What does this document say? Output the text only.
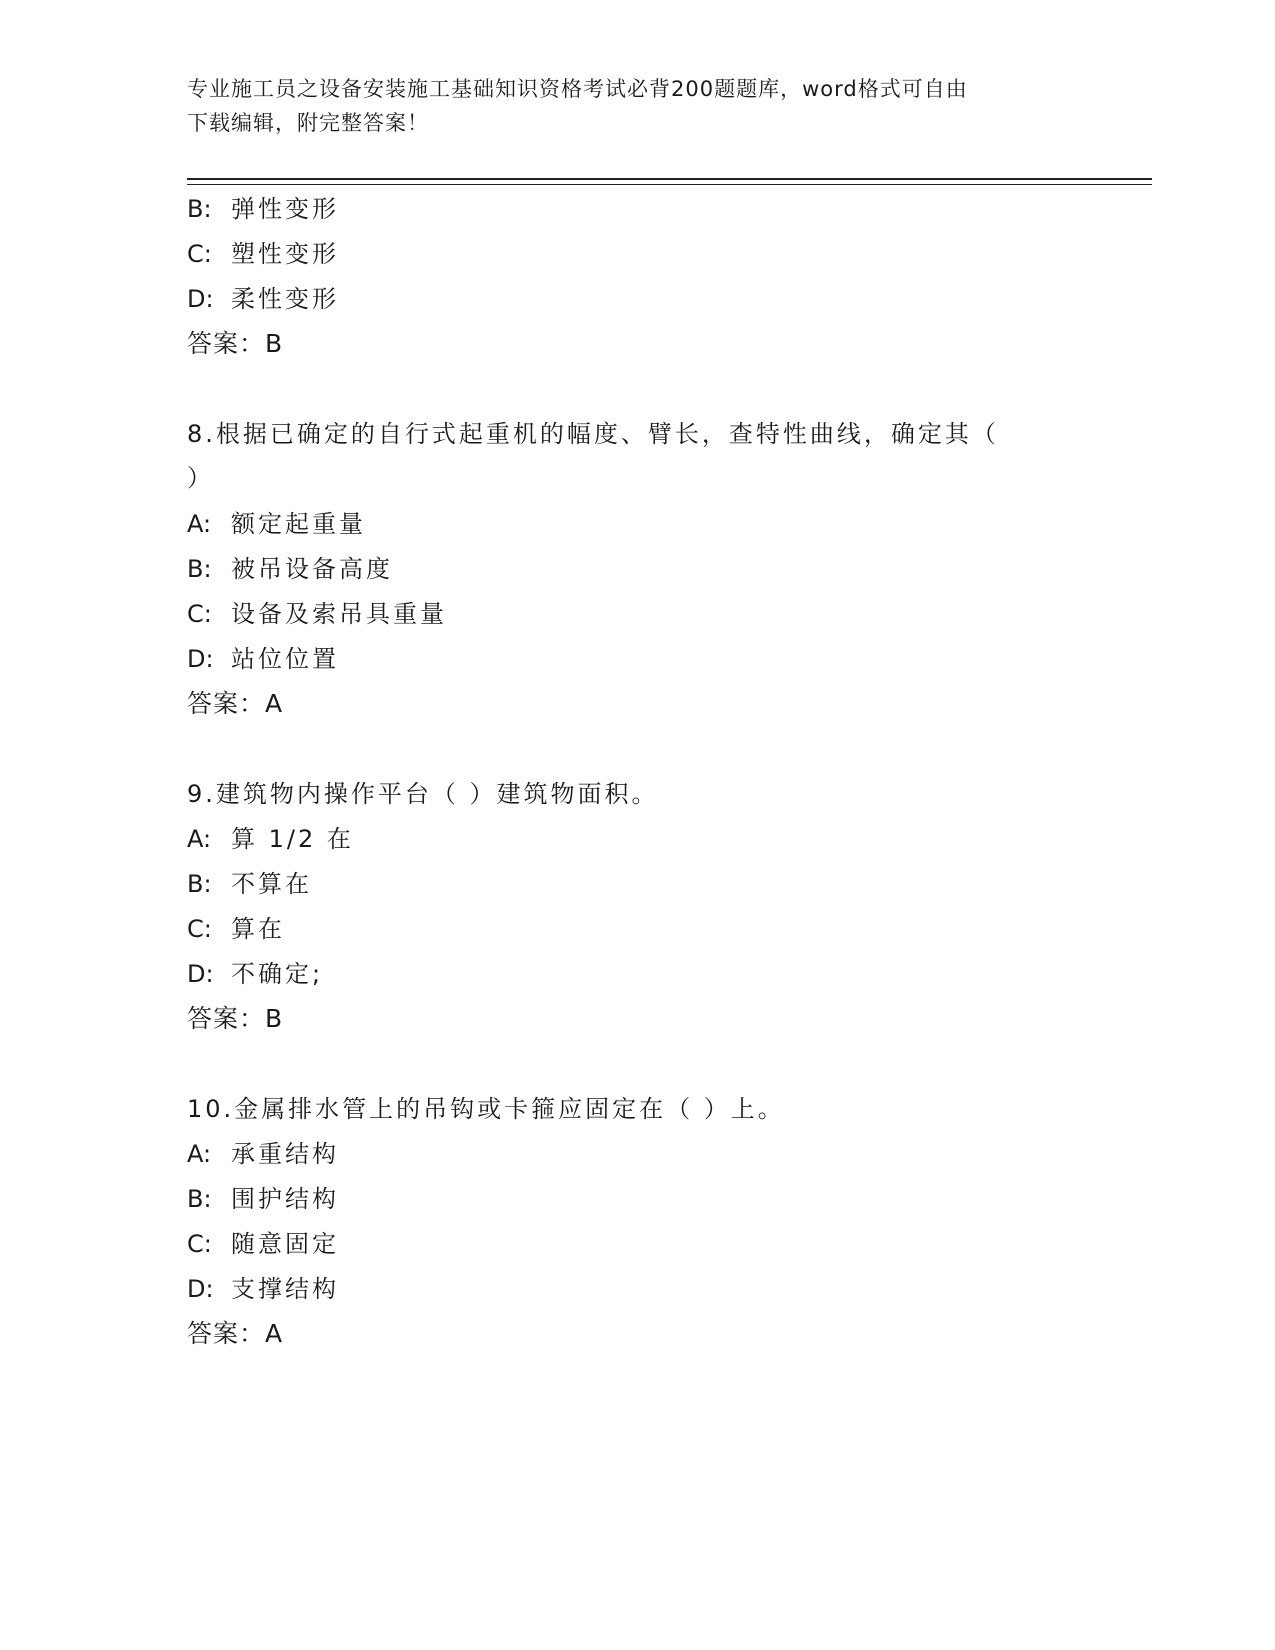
专业施工员之设备安装施工基础知识资格考试必背200题题库，word格式可自由
下载编辑，附完整答案！
B: 弹性变形
C: 塑性变形
D: 柔性变形
答案：B
8.根据已确定的自行式起重机的幅度、臂长，查特性曲线，确定其（
）
A: 额定起重量
B: 被吊设备高度
C: 设备及索吊具重量
D: 站位位置
答案：A
9.建筑物内操作平台（ ）建筑物面积。
A: 算 1/2 在
B: 不算在
C: 算在
D: 不确定;
答案：B
10.金属排水管上的吊钩或卡箍应固定在（ ）上。
A: 承重结构
B: 围护结构
C: 随意固定
D: 支撑结构
答案：A
